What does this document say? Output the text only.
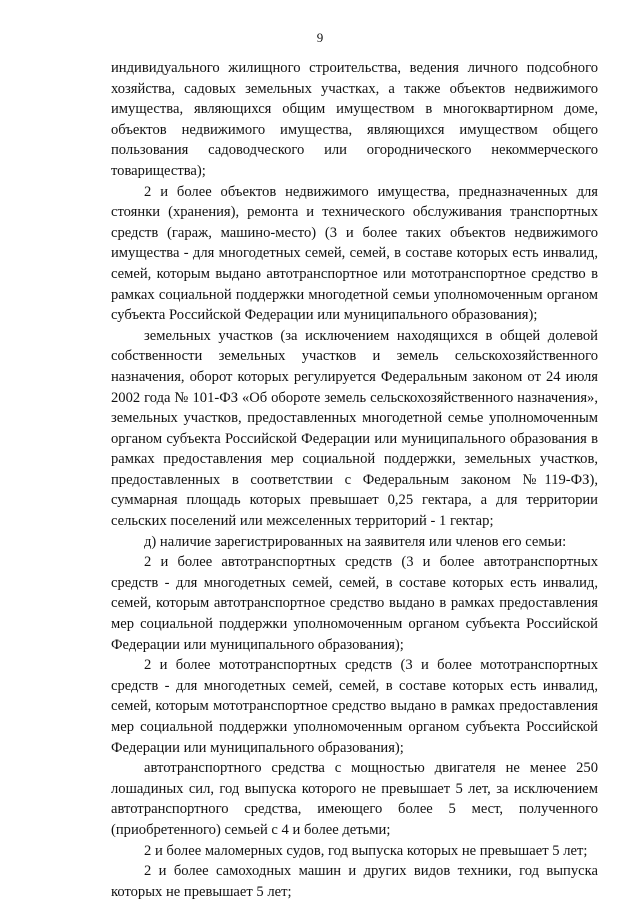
9

индивидуального жилищного строительства, ведения личного подсобного хозяйства, садовых земельных участках, а также объектов недвижимого имущества, являющихся общим имуществом в многоквартирном доме, объектов недвижимого имущества, являющихся имуществом общего пользования садоводческого или огороднического некоммерческого товарищества);

2 и более объектов недвижимого имущества, предназначенных для стоянки (хранения), ремонта и технического обслуживания транспортных средств (гараж, машино-место) (3 и более таких объектов недвижимого имущества - для многодетных семей, семей, в составе которых есть инвалид, семей, которым выдано автотранспортное или мототранспортное средство в рамках социальной поддержки многодетной семьи уполномоченным органом субъекта Российской Федерации или муниципального образования);

земельных участков (за исключением находящихся в общей долевой собственности земельных участков и земель сельскохозяйственного назначения, оборот которых регулируется Федеральным законом от 24 июля 2002 года № 101-ФЗ «Об обороте земель сельскохозяйственного назначения», земельных участков, предоставленных многодетной семье уполномоченным органом субъекта Российской Федерации или муниципального образования в рамках предоставления мер социальной поддержки, земельных участков, предоставленных в соответствии с Федеральным законом №119-ФЗ), суммарная площадь которых превышает 0,25 гектара, а для территории сельских поселений или межселенных территорий - 1 гектар;

д) наличие зарегистрированных на заявителя или членов его семьи:

2 и более автотранспортных средств (3 и более автотранспортных средств - для многодетных семей, семей, в составе которых есть инвалид, семей, которым автотранспортное средство выдано в рамках предоставления мер социальной поддержки уполномоченным органом субъекта Российской Федерации или муниципального образования);

2 и более мототранспортных средств (3 и более мототранспортных средств - для многодетных семей, семей, в составе которых есть инвалид, семей, которым мототранспортное средство выдано в рамках предоставления мер социальной поддержки уполномоченным органом субъекта Российской Федерации или муниципального образования);

автотранспортного средства с мощностью двигателя не менее 250 лошадиных сил, год выпуска которого не превышает 5 лет, за исключением автотранспортного средства, имеющего более 5 мест, полученного (приобретенного) семьей с 4 и более детьми;

2 и более маломерных судов, год выпуска которых не превышает 5 лет;

2 и более самоходных машин и других видов техники, год выпуска которых не превышает 5 лет;
